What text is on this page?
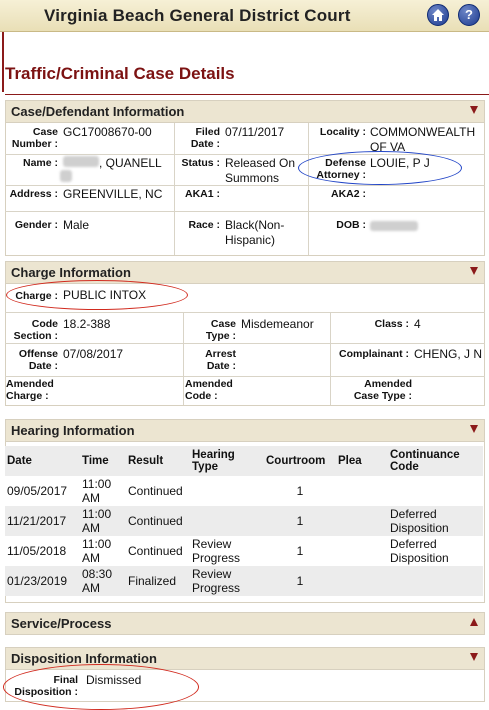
Virginia Beach General District Court	?
Traffic/Criminal Case Details
Case/Defendant Information
Case Number :
GC17008670-00	Filed Date :
07/11/2017	Locality : COMMONWEALTH OF VA
Name :	, QUANELL	Status : Released On Summons
Defense Attorney :
LOUIE, P J
Address : GREENVILLE, NC	AKA1 :	AKA2 :
Gender : Male	Race : Black(Non-Hispanic)
DOB :
Charge Information
Charge : PUBLIC INTOX
Code Section :
18.2-388	Case Type :
Misdemeanor	Class : 4
Offense Date :
07/08/2017	Arrest Date :
Complainant : CHENG, J N
Amended Charge :
Amended Code :
Amended Case Type :
Hearing Information
Date	Time	Result	Hearing Type	Courtroom	Plea	Continuance Code
09/05/2017	11:00 AM	Continued		1		
11/21/2017	11:00 AM	Continued		1		Deferred Disposition
11/05/2018	11:00 AM	Continued	Review Progress	1		Deferred Disposition
01/23/2019	08:30 AM	Finalized	Review Progress	1		
Service/Process
Disposition Information
Final Disposition :
Dismissed
